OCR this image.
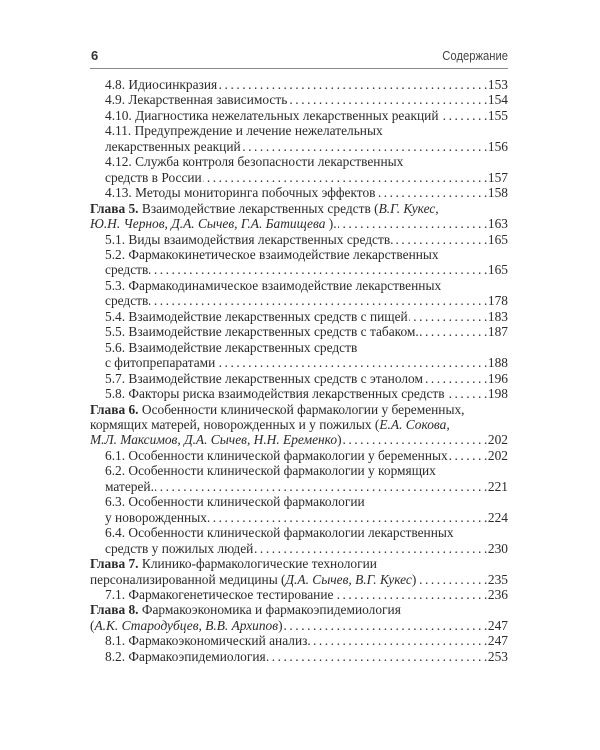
6	Содержание
4.8. Идиосинкразия . . .	153
4.9. Лекарственная зависимость . . .	154
4.10. Диагностика нежелательных лекарственных реакций . . .	155
4.11. Предупреждение и лечение нежелательных
лекарственных реакций . . .	156
4.12. Служба контроля безопасности лекарственных
средств в России . . .	157
4.13. Методы мониторинга побочных эффектов . . .	158
Глава 5. Взаимодействие лекарственных средств (В.Г. Кукес,
Ю.Н. Чернов, Д.А. Сычев, Г.А. Батищева ). . . .	163
5.1. Виды взаимодействия лекарственных средств. . . .	165
5.2. Фармакокинетическое взаимодействие лекарственных
средств . . .	165
5.3. Фармакодинамическое взаимодействие лекарственных
средств . . .	178
5.4. Взаимодействие лекарственных средств с пищей . . .	183
5.5. Взаимодействие лекарственных средств с табаком. . . .	187
5.6. Взаимодействие лекарственных средств
с фитопрепаратами . . .	188
5.7. Взаимодействие лекарственных средств с этанолом . . .	196
5.8. Факторы риска взаимодействия лекарственных средств . . .	198
Глава 6. Особенности клинической фармакологии у беременных,
кормящих матерей, новорожденных и у пожилых (Е.А. Сокова,
М.Л. Максимов, Д.А. Сычев, Н.Н. Еременко) . . .	202
6.1. Особенности клинической фармакологии у беременных . . .	202
6.2. Особенности клинической фармакологии у кормящих
матерей. . . .	221
6.3. Особенности клинической фармакологии
у новорожденных . . .	224
6.4. Особенности клинической фармакологии лекарственных
средств у пожилых людей . . .	230
Глава 7. Клинико-фармакологические технологии
персонализированной медицины (Д.А. Сычев, В.Г. Кукес) . . .	235
7.1. Фармакогенетическое тестирование . . .	236
Глава 8. Фармакоэкономика и фармакоэпидемиология
(А.К. Стародубцев, В.В. Архипов) . . .	247
8.1. Фармакоэкономический анализ. . . .	247
8.2. Фармакоэпидемиология . . .	253
